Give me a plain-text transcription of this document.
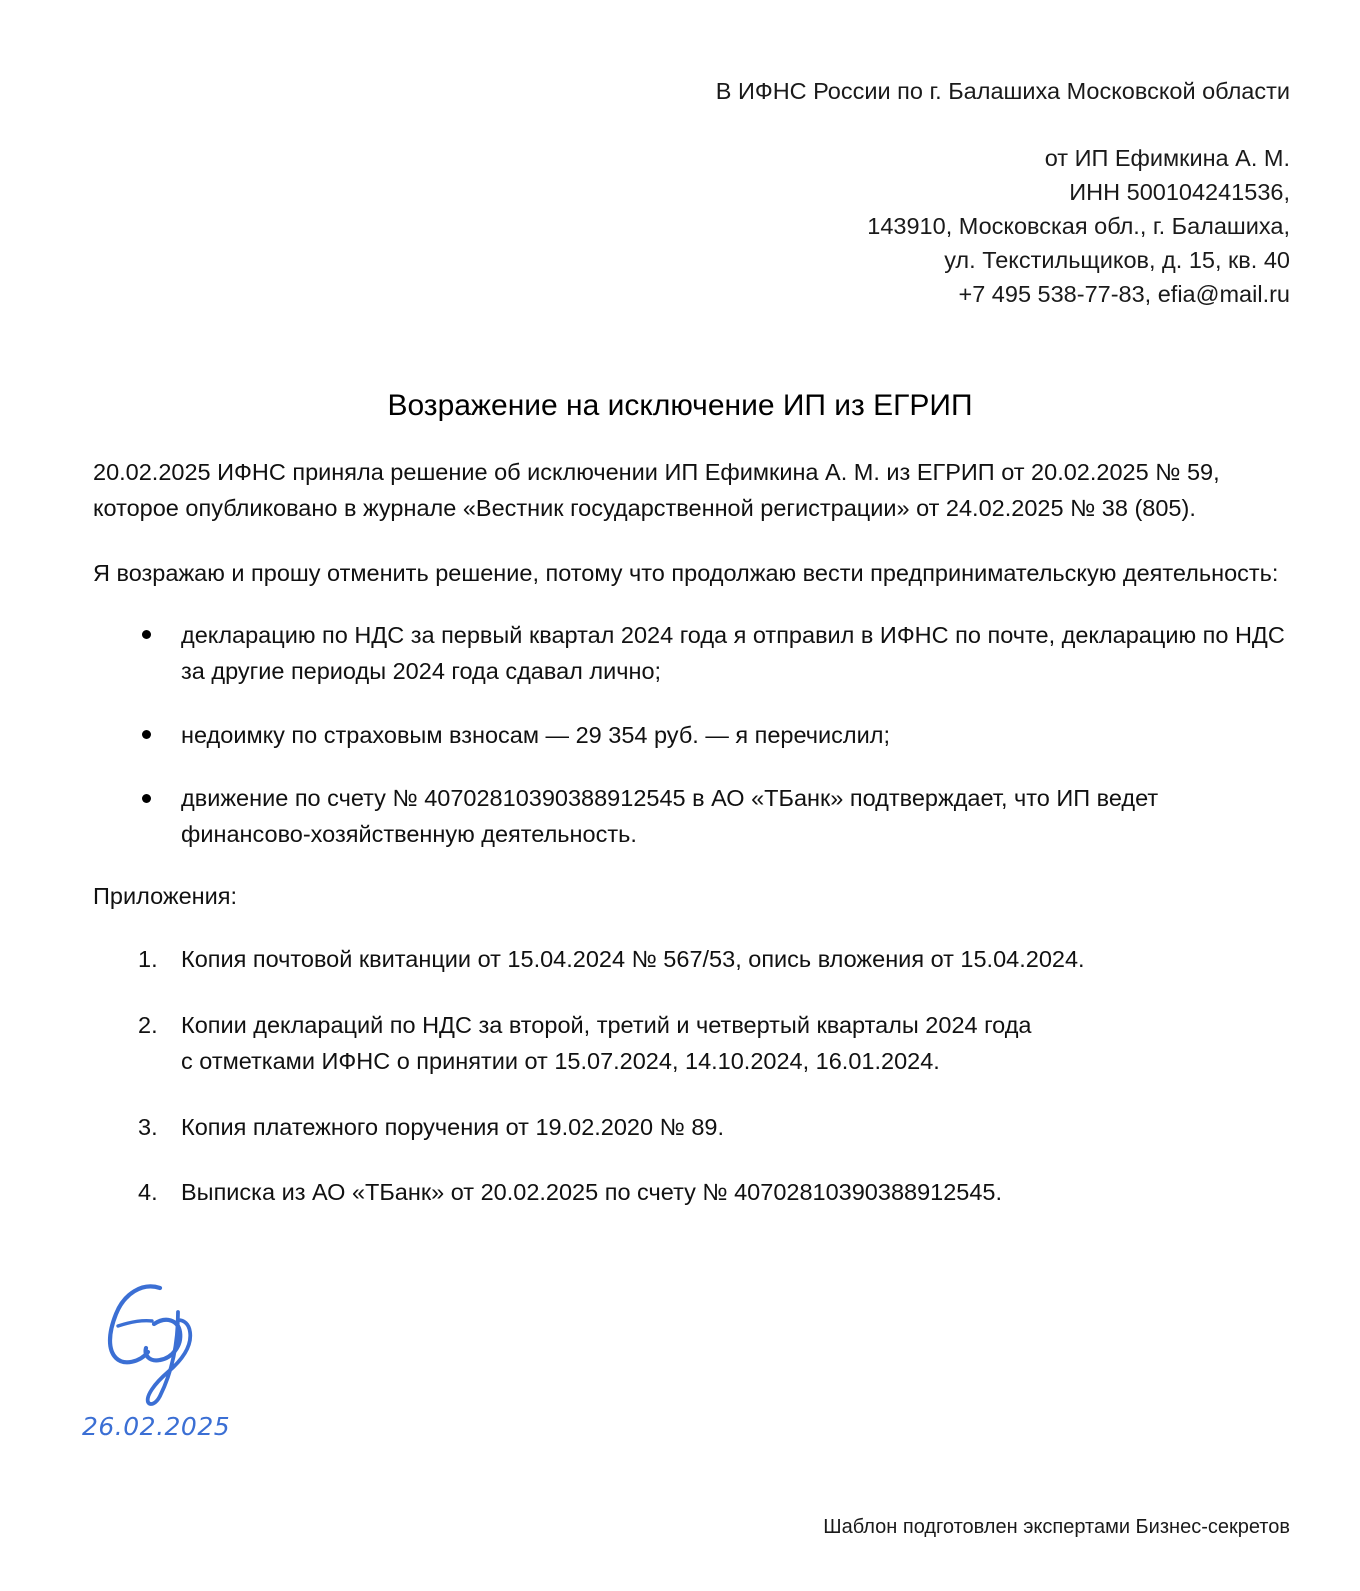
В ИФНС России по г. Балашиха Московской области

от ИП Ефимкина А. М.

ИНН 500104241536,

143910, Московская обл., г. Балашиха,

ул. Текстильщиков, д. 15, кв. 40

+7 495 538-77-83, efia@mail.ru

Возражение на исключение ИП из ЕГРИП

20.02.2025 ИФНС приняла решение об исключении ИП Ефимкина А. М. из ЕГРИП от 20.02.2025 № 59, которое опубликовано в журнале «Вестник государственной регистрации» от 24.02.2025 № 38 (805).

Я возражаю и прошу отменить решение, потому что продолжаю вести предпринимательскую деятельность:

декларацию по НДС за первый квартал 2024 года я отправил в ИФНС по почте, декларацию по НДС за другие периоды 2024 года сдавал лично;
недоимку по страховым взносам — 29 354 руб. — я перечислил;
движение по счету № 40702810390388912545 в АО «ТБанк» подтверждает, что ИП ведет финансово-хозяйственную деятельность.

Приложения:

1. Копия почтовой квитанции от 15.04.2024 № 567/53, опись вложения от 15.04.2024.
2. Копии деклараций по НДС за второй, третий и четвертый кварталы 2024 года
с отметками ИФНС о принятии от 15.07.2024, 14.10.2024, 16.01.2024.
3. Копия платежного поручения от 19.02.2020 № 89.
4. Выписка из АО «ТБанк» от 20.02.2025 по счету № 40702810390388912545.

26.02.2025

Шаблон подготовлен экспертами Бизнес-секретов
